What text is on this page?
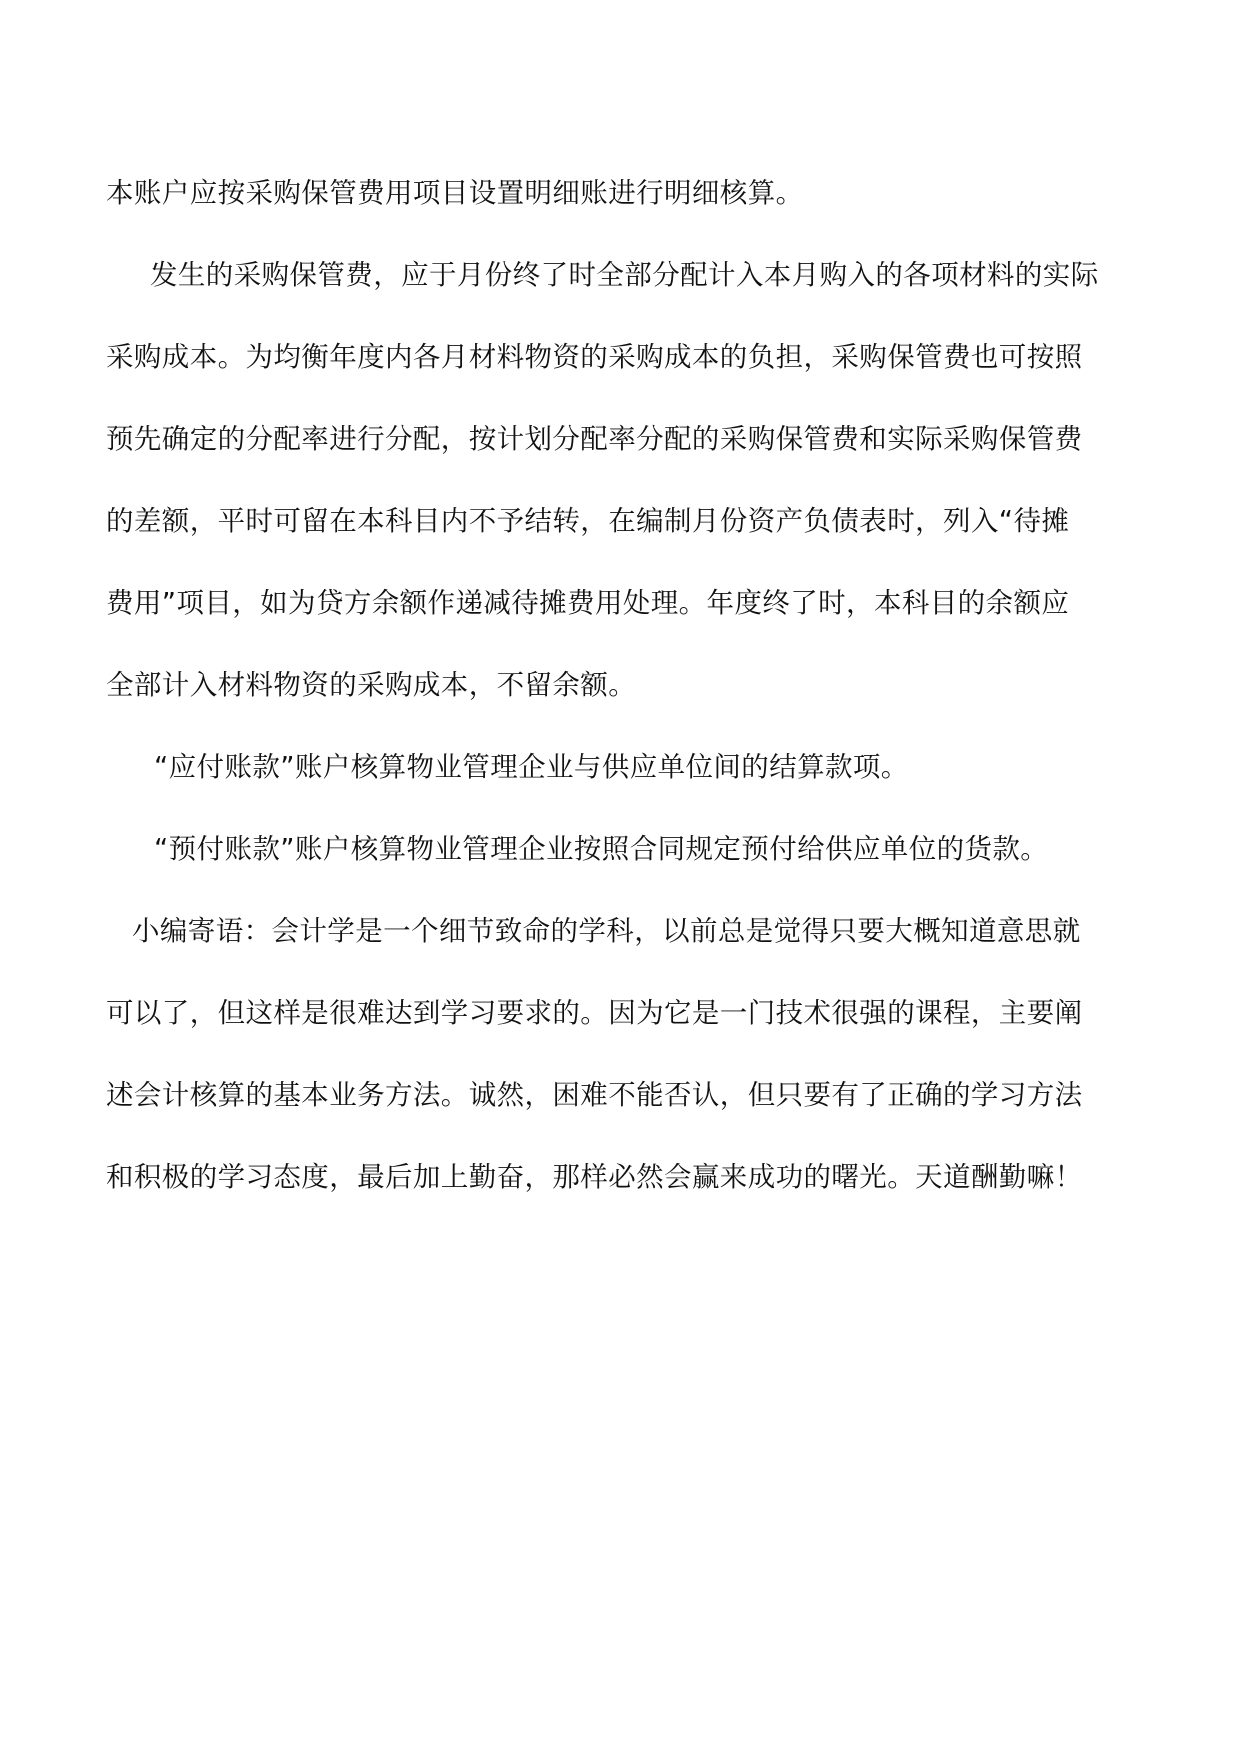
本账户应按采购保管费用项目设置明细账进行明细核算。
发生的采购保管费，应于月份终了时全部分配计入本月购入的各项材料的实际
采购成本。为均衡年度内各月材料物资的采购成本的负担，采购保管费也可按照
预先确定的分配率进行分配，按计划分配率分配的采购保管费和实际采购保管费
的差额，平时可留在本科目内不予结转，在编制月份资产负债表时，列入“待摊
费用”项目，如为贷方余额作递减待摊费用处理。年度终了时，本科目的余额应
全部计入材料物资的采购成本，不留余额。
“应付账款”账户核算物业管理企业与供应单位间的结算款项。
“预付账款”账户核算物业管理企业按照合同规定预付给供应单位的货款。
小编寄语：会计学是一个细节致命的学科，以前总是觉得只要大概知道意思就
可以了，但这样是很难达到学习要求的。因为它是一门技术很强的课程，主要阐
述会计核算的基本业务方法。诚然，困难不能否认，但只要有了正确的学习方法
和积极的学习态度，最后加上勤奋，那样必然会赢来成功的曙光。天道酬勤嘛！
